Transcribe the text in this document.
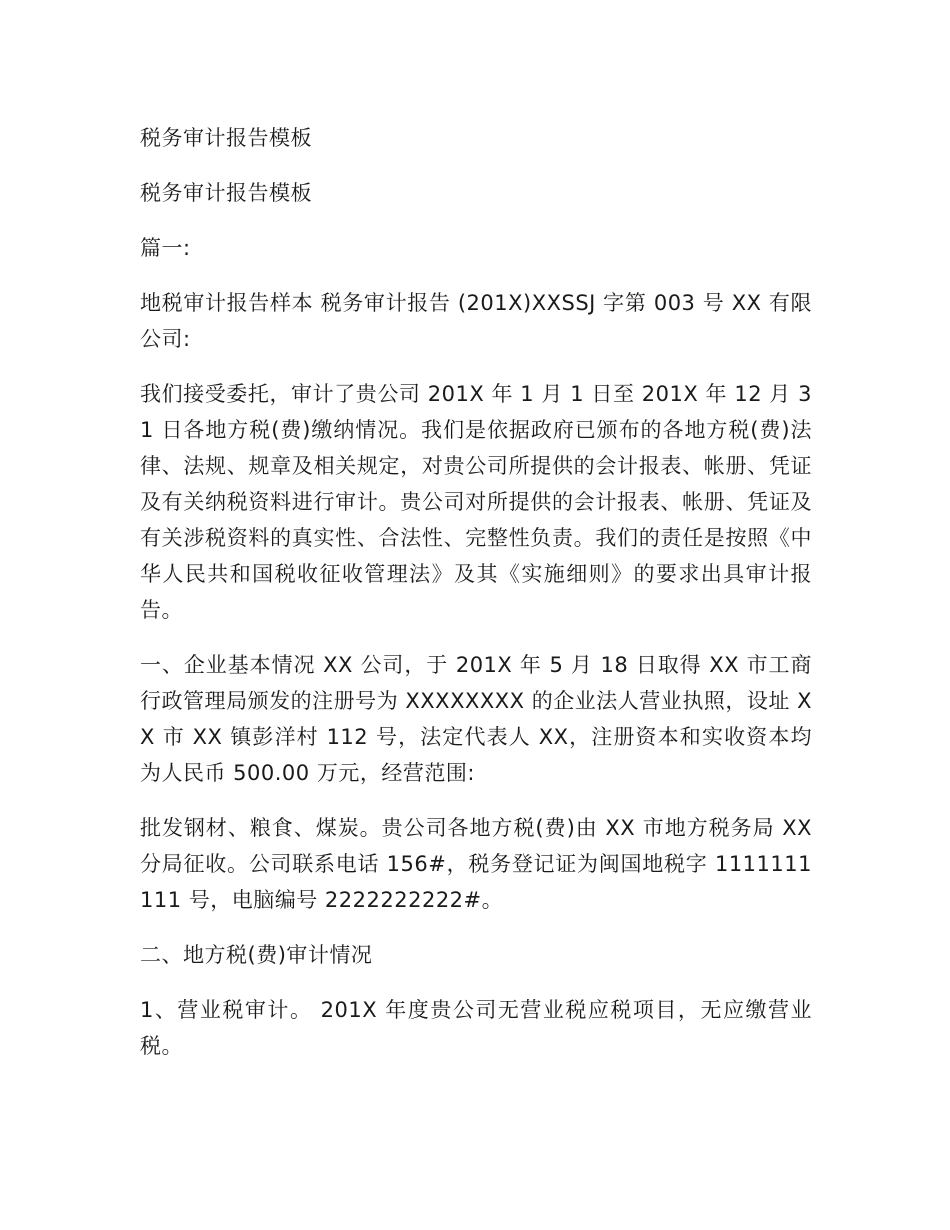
税务审计报告模板

税务审计报告模板

篇一:

地税审计报告样本 税务审计报告 (201X)XXSSJ 字第 003 号 XX 有限公司:

我们接受委托，审计了贵公司 201X 年 1 月 1 日至 201X 年 12 月 31 日各地方税(费)缴纳情况。我们是依据政府已颁布的各地方税(费)法律、法规、规章及相关规定，对贵公司所提供的会计报表、帐册、凭证及有关纳税资料进行审计。贵公司对所提供的会计报表、帐册、凭证及有关涉税资料的真实性、合法性、完整性负责。我们的责任是按照《中华人民共和国税收征收管理法》及其《实施细则》的要求出具审计报告。

一、企业基本情况 XX 公司，于 201X 年 5 月 18 日取得 XX 市工商行政管理局颁发的注册号为 XXXXXXXX 的企业法人营业执照，设址 XX 市 XX 镇彭洋村 112 号，法定代表人 XX，注册资本和实收资本均为人民币 500.00 万元，经营范围:

批发钢材、粮食、煤炭。贵公司各地方税(费)由 XX 市地方税务局 XX 分局征收。公司联系电话 156#，税务登记证为闽国地税字 1111111111 号，电脑编号 2222222222#。

二、地方税(费)审计情况

1、营业税审计。 201X 年度贵公司无营业税应税项目，无应缴营业税。
